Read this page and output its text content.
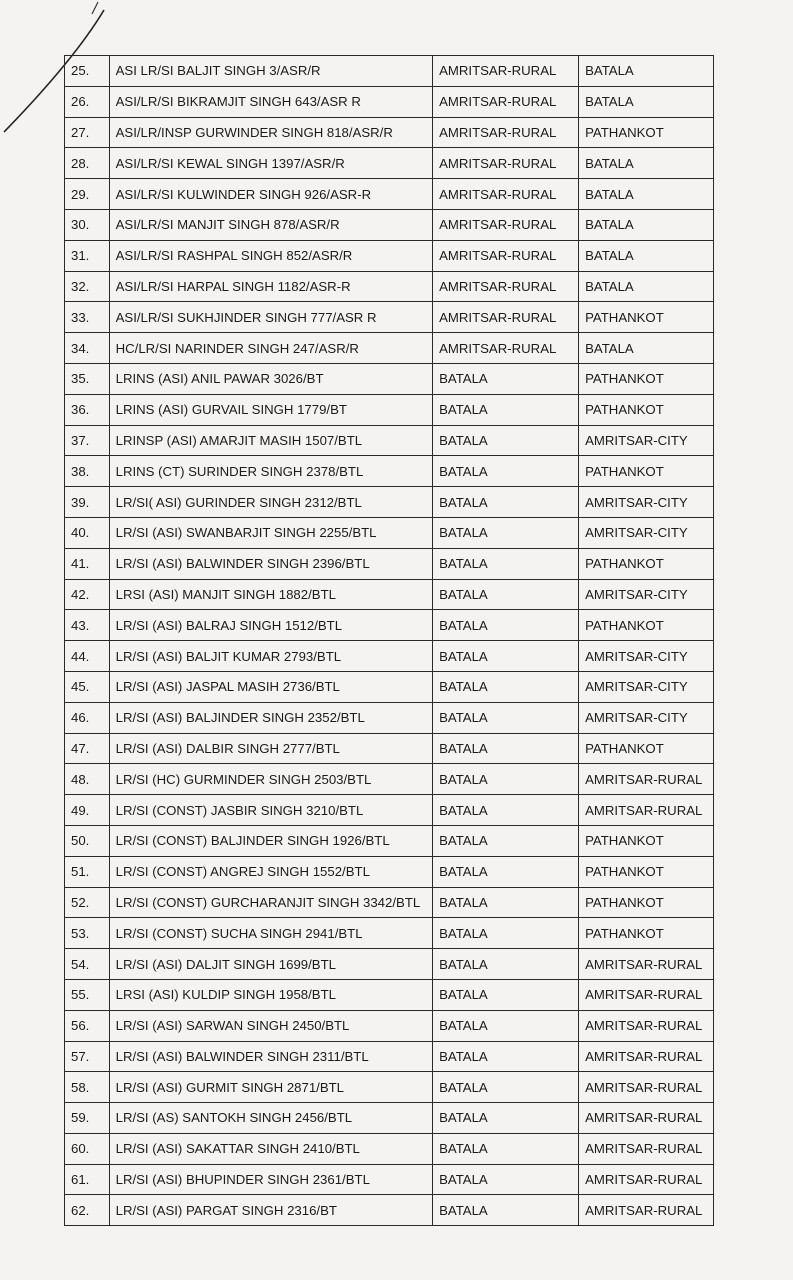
25.	ASI LR/SI BALJIT SINGH 3/ASR/R	AMRITSAR-RURAL	BATALA
26.	ASI/LR/SI BIKRAMJIT SINGH 643/ASR R	AMRITSAR-RURAL	BATALA
27.	ASI/LR/INSP GURWINDER SINGH 818/ASR/R	AMRITSAR-RURAL	PATHANKOT
28.	ASI/LR/SI KEWAL SINGH 1397/ASR/R	AMRITSAR-RURAL	BATALA
29.	ASI/LR/SI KULWINDER SINGH 926/ASR-R	AMRITSAR-RURAL	BATALA
30.	ASI/LR/SI MANJIT SINGH 878/ASR/R	AMRITSAR-RURAL	BATALA
31.	ASI/LR/SI RASHPAL SINGH 852/ASR/R	AMRITSAR-RURAL	BATALA
32.	ASI/LR/SI HARPAL SINGH 1182/ASR-R	AMRITSAR-RURAL	BATALA
33.	ASI/LR/SI SUKHJINDER SINGH 777/ASR R	AMRITSAR-RURAL	PATHANKOT
34.	HC/LR/SI NARINDER SINGH 247/ASR/R	AMRITSAR-RURAL	BATALA
35.	LRINS (ASI) ANIL PAWAR 3026/BT	BATALA	PATHANKOT
36.	LRINS (ASI) GURVAIL SINGH 1779/BT	BATALA	PATHANKOT
37.	LRINSP (ASI) AMARJIT MASIH 1507/BTL	BATALA	AMRITSAR-CITY
38.	LRINS (CT) SURINDER SINGH 2378/BTL	BATALA	PATHANKOT
39.	LR/SI( ASI) GURINDER SINGH 2312/BTL	BATALA	AMRITSAR-CITY
40.	LR/SI (ASI) SWANBARJIT SINGH 2255/BTL	BATALA	AMRITSAR-CITY
41.	LR/SI (ASI) BALWINDER SINGH 2396/BTL	BATALA	PATHANKOT
42.	LRSI (ASI) MANJIT SINGH 1882/BTL	BATALA	AMRITSAR-CITY
43.	LR/SI (ASI) BALRAJ SINGH 1512/BTL	BATALA	PATHANKOT
44.	LR/SI (ASI) BALJIT KUMAR 2793/BTL	BATALA	AMRITSAR-CITY
45.	LR/SI (ASI) JASPAL MASIH 2736/BTL	BATALA	AMRITSAR-CITY
46.	LR/SI (ASI) BALJINDER SINGH 2352/BTL	BATALA	AMRITSAR-CITY
47.	LR/SI (ASI) DALBIR SINGH 2777/BTL	BATALA	PATHANKOT
48.	LR/SI (HC) GURMINDER SINGH 2503/BTL	BATALA	AMRITSAR-RURAL
49.	LR/SI (CONST) JASBIR SINGH 3210/BTL	BATALA	AMRITSAR-RURAL
50.	LR/SI (CONST) BALJINDER SINGH 1926/BTL	BATALA	PATHANKOT
51.	LR/SI (CONST) ANGREJ SINGH 1552/BTL	BATALA	PATHANKOT
52.	LR/SI (CONST) GURCHARANJIT SINGH 3342/BTL	BATALA	PATHANKOT
53.	LR/SI (CONST) SUCHA SINGH 2941/BTL	BATALA	PATHANKOT
54.	LR/SI (ASI) DALJIT SINGH 1699/BTL	BATALA	AMRITSAR-RURAL
55.	LRSI (ASI) KULDIP SINGH 1958/BTL	BATALA	AMRITSAR-RURAL
56.	LR/SI (ASI) SARWAN SINGH 2450/BTL	BATALA	AMRITSAR-RURAL
57.	LR/SI (ASI) BALWINDER SINGH 2311/BTL	BATALA	AMRITSAR-RURAL
58.	LR/SI (ASI) GURMIT SINGH 2871/BTL	BATALA	AMRITSAR-RURAL
59.	LR/SI (AS) SANTOKH SINGH 2456/BTL	BATALA	AMRITSAR-RURAL
60.	LR/SI (ASI) SAKATTAR SINGH 2410/BTL	BATALA	AMRITSAR-RURAL
61.	LR/SI (ASI) BHUPINDER SINGH 2361/BTL	BATALA	AMRITSAR-RURAL
62.	LR/SI (ASI) PARGAT SINGH 2316/BT	BATALA	AMRITSAR-RURAL
